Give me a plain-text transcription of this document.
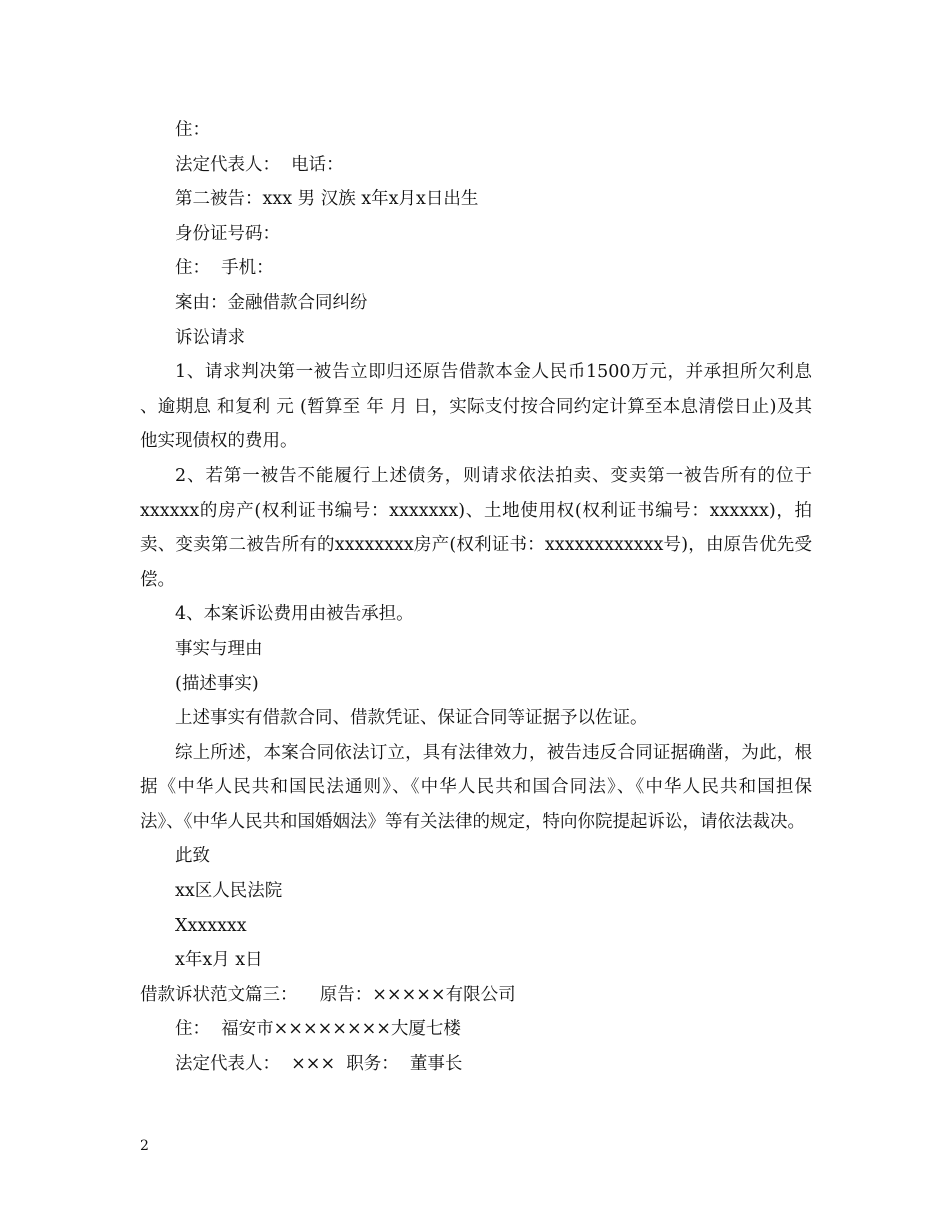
住：

法定代表人：  电话：

第二被告：xxx 男 汉族 x年x月x日出生

身份证号码：

住：  手机：

案由：金融借款合同纠纷

诉讼请求

1、请求判决第一被告立即归还原告借款本金人民币1500万元，并承担所欠利息 、逾期息 和复利 元 (暂算至 年 月 日，实际支付按合同约定计算至本息清偿日止)及其他实现债权的费用。

2、若第一被告不能履行上述债务，则请求依法拍卖、变卖第一被告所有的位于xxxxxx的房产(权利证书编号：xxxxxxx)、土地使用权(权利证书编号：xxxxxx)，拍卖、变卖第二被告所有的xxxxxxxx房产(权利证书：xxxxxxxxxxxx号)，由原告优先受偿。

4、本案诉讼费用由被告承担。

事实与理由

(描述事实)

上述事实有借款合同、借款凭证、保证合同等证据予以佐证。

综上所述，本案合同依法订立，具有法律效力，被告违反合同证据确凿，为此，根据《中华人民共和国民法通则》、《中华人民共和国合同法》、《中华人民共和国担保法》、《中华人民共和国婚姻法》等有关法律的规定，特向你院提起诉讼，请依法裁决。

此致

xx区人民法院

Xxxxxxx

x年x月 x日

借款诉状范文篇三：    原告：×××××有限公司

住：  福安市××××××××大厦七楼

法定代表人：  ×××  职务：  董事长

2
